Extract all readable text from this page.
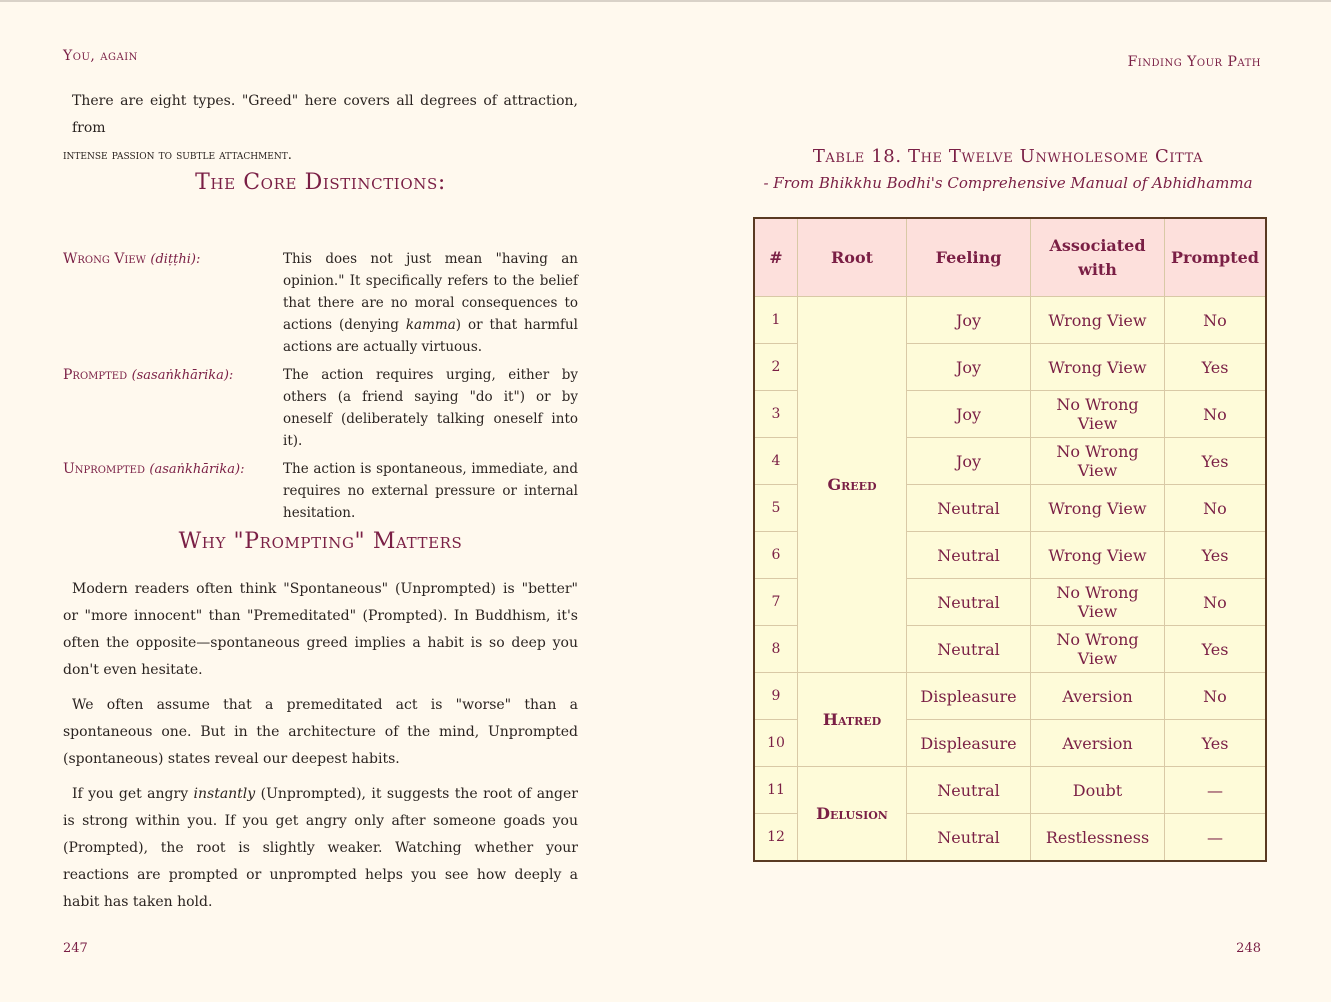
You, again
There are eight types. "Greed" here covers all degrees of attraction, from
intense passion to subtle attachment.
The Core Distinctions:
Wrong View (diṭṭhi):	This does not just mean "having an opinion." It specifically refers to the belief that there are no moral consequences to actions (denying kamma) or that harmful actions are actually virtuous.
Prompted (sasaṅkhārika):	The action requires urging, either by others (a friend saying "do it") or by oneself (deliberately talking oneself into it).
Unprompted (asaṅkhārika):	The action is spontaneous, immediate, and requires no external pressure or internal hesitation.
Why "Prompting" Matters

Modern readers often think "Spontaneous" (Unprompted) is "better" or "more innocent" than "Premeditated" (Prompted). In Buddhism, it's often the opposite—spontaneous greed implies a habit is so deep you don't even hesitate.

We often assume that a premeditated act is "worse" than a spontaneous one. But in the architecture of the mind, Unprompted (spontaneous) states reveal our deepest habits.

If you get angry instantly (Unprompted), it suggests the root of anger is strong within you. If you get angry only after someone goads you (Prompted), the root is slightly weaker. Watching whether your reactions are prompted or unprompted helps you see how deeply a habit has taken hold.

247
Finding Your Path
Table 18. The Twelve Unwholesome Citta
- From Bhikkhu Bodhi's Comprehensive Manual of Abhidhamma
#	Root	Feeling	Associated with	Prompted
1	Greed	Joy	Wrong View	No
2		Joy	Wrong View	Yes
3		Joy	No Wrong View	No
4		Joy	No Wrong View	Yes
5		Neutral	Wrong View	No
6		Neutral	Wrong View	Yes
7		Neutral	No Wrong View	No
8		Neutral	No Wrong View	Yes
9	Hatred	Displeasure	Aversion	No
10		Displeasure	Aversion	Yes
11	Delusion	Neutral	Doubt	—
12		Neutral	Restlessness	—
248
